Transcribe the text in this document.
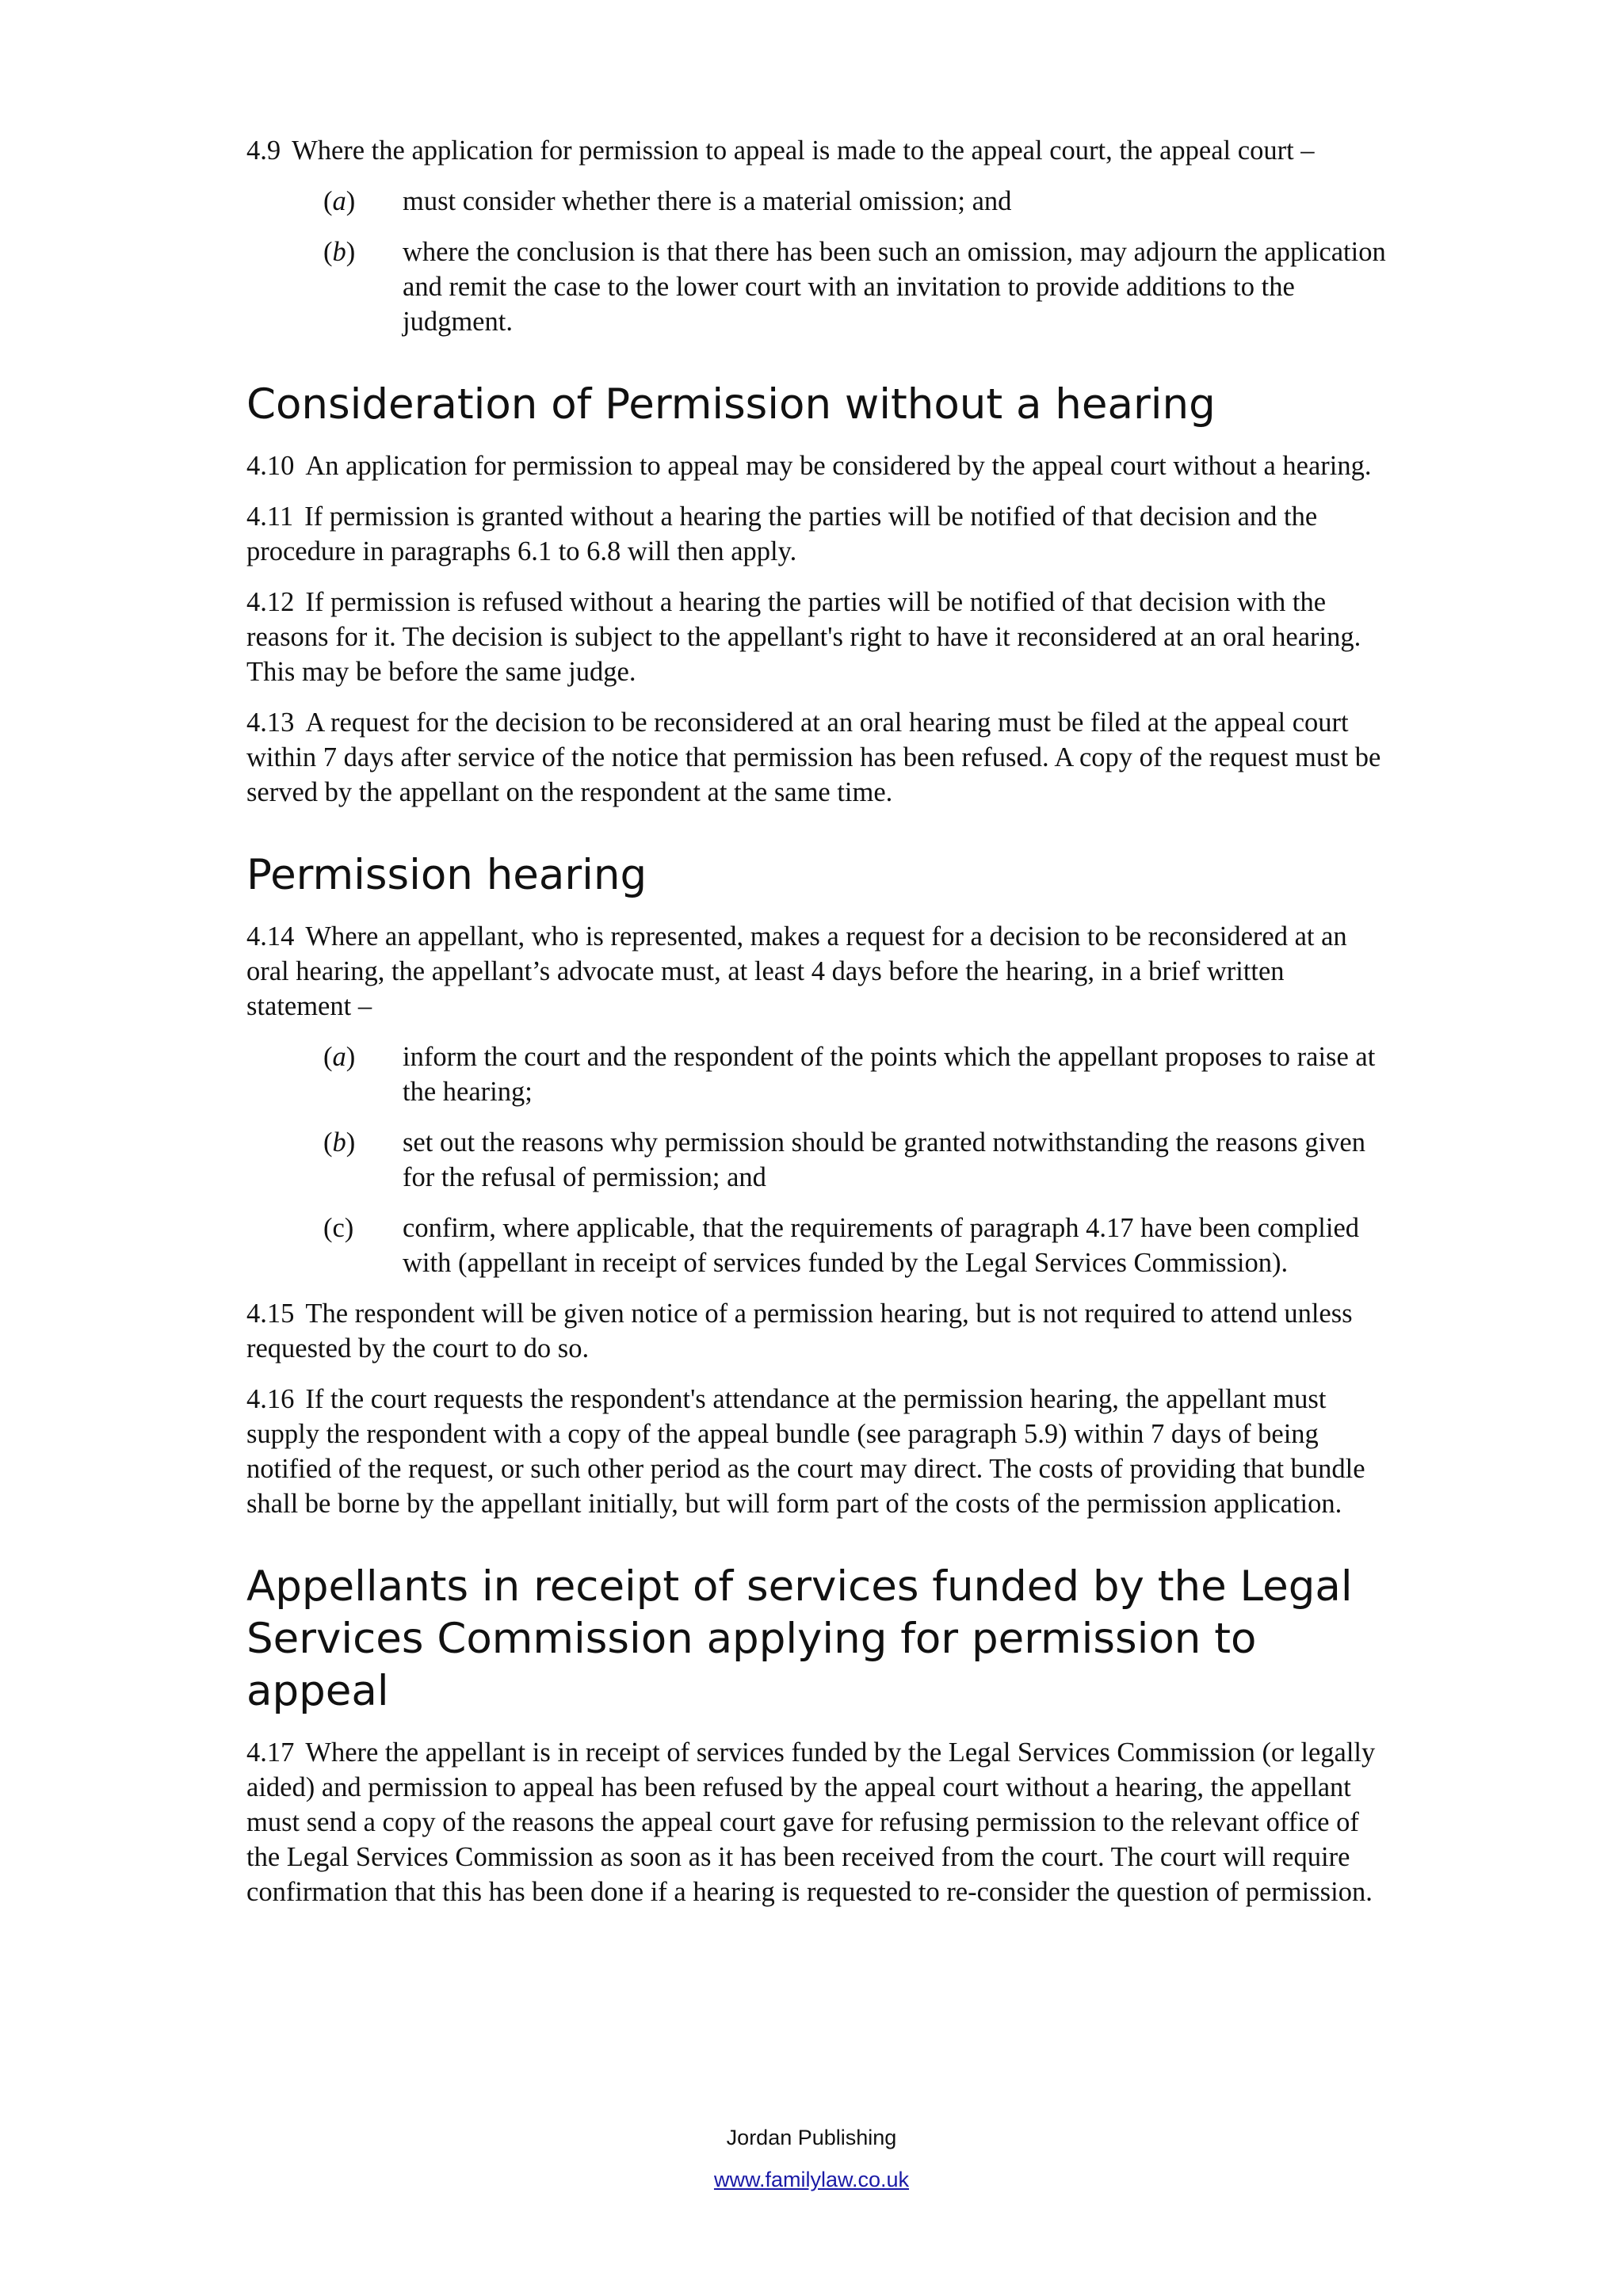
4.9 Where the application for permission to appeal is made to the appeal court, the appeal court –

(a)	must consider whether there is a material omission; and
(b)	where the conclusion is that there has been such an omission, may adjourn the application and remit the case to the lower court with an invitation to provide additions to the judgment.
Consideration of Permission without a hearing

4.10 An application for permission to appeal may be considered by the appeal court without a hearing.

4.11 If permission is granted without a hearing the parties will be notified of that decision and the procedure in paragraphs 6.1 to 6.8 will then apply.

4.12 If permission is refused without a hearing the parties will be notified of that decision with the reasons for it. The decision is subject to the appellant's right to have it reconsidered at an oral hearing. This may be before the same judge.

4.13 A request for the decision to be reconsidered at an oral hearing must be filed at the appeal court within 7 days after service of the notice that permission has been refused. A copy of the request must be served by the appellant on the respondent at the same time.

Permission hearing

4.14 Where an appellant, who is represented, makes a request for a decision to be reconsidered at an oral hearing, the appellant’s advocate must, at least 4 days before the hearing, in a brief written statement –

(a)	inform the court and the respondent of the points which the appellant proposes to raise at the hearing;
(b)	set out the reasons why permission should be granted notwithstanding the reasons given for the refusal of permission; and
(c)	confirm, where applicable, that the requirements of paragraph 4.17 have been complied with (appellant in receipt of services funded by the Legal Services Commission).

4.15 The respondent will be given notice of a permission hearing, but is not required to attend unless requested by the court to do so.

4.16 If the court requests the respondent's attendance at the permission hearing, the appellant must supply the respondent with a copy of the appeal bundle (see paragraph 5.9) within 7 days of being notified of the request, or such other period as the court may direct. The costs of providing that bundle shall be borne by the appellant initially, but will form part of the costs of the permission application.

Appellants in receipt of services funded by the Legal Services Commission applying for permission to appeal

4.17 Where the appellant is in receipt of services funded by the Legal Services Commission (or legally aided) and permission to appeal has been refused by the appeal court without a hearing, the appellant must send a copy of the reasons the appeal court gave for refusing permission to the relevant office of the Legal Services Commission as soon as it has been received from the court. The court will require confirmation that this has been done if a hearing is requested to re-consider the question of permission.

Jordan Publishing
www.familylaw.co.uk
